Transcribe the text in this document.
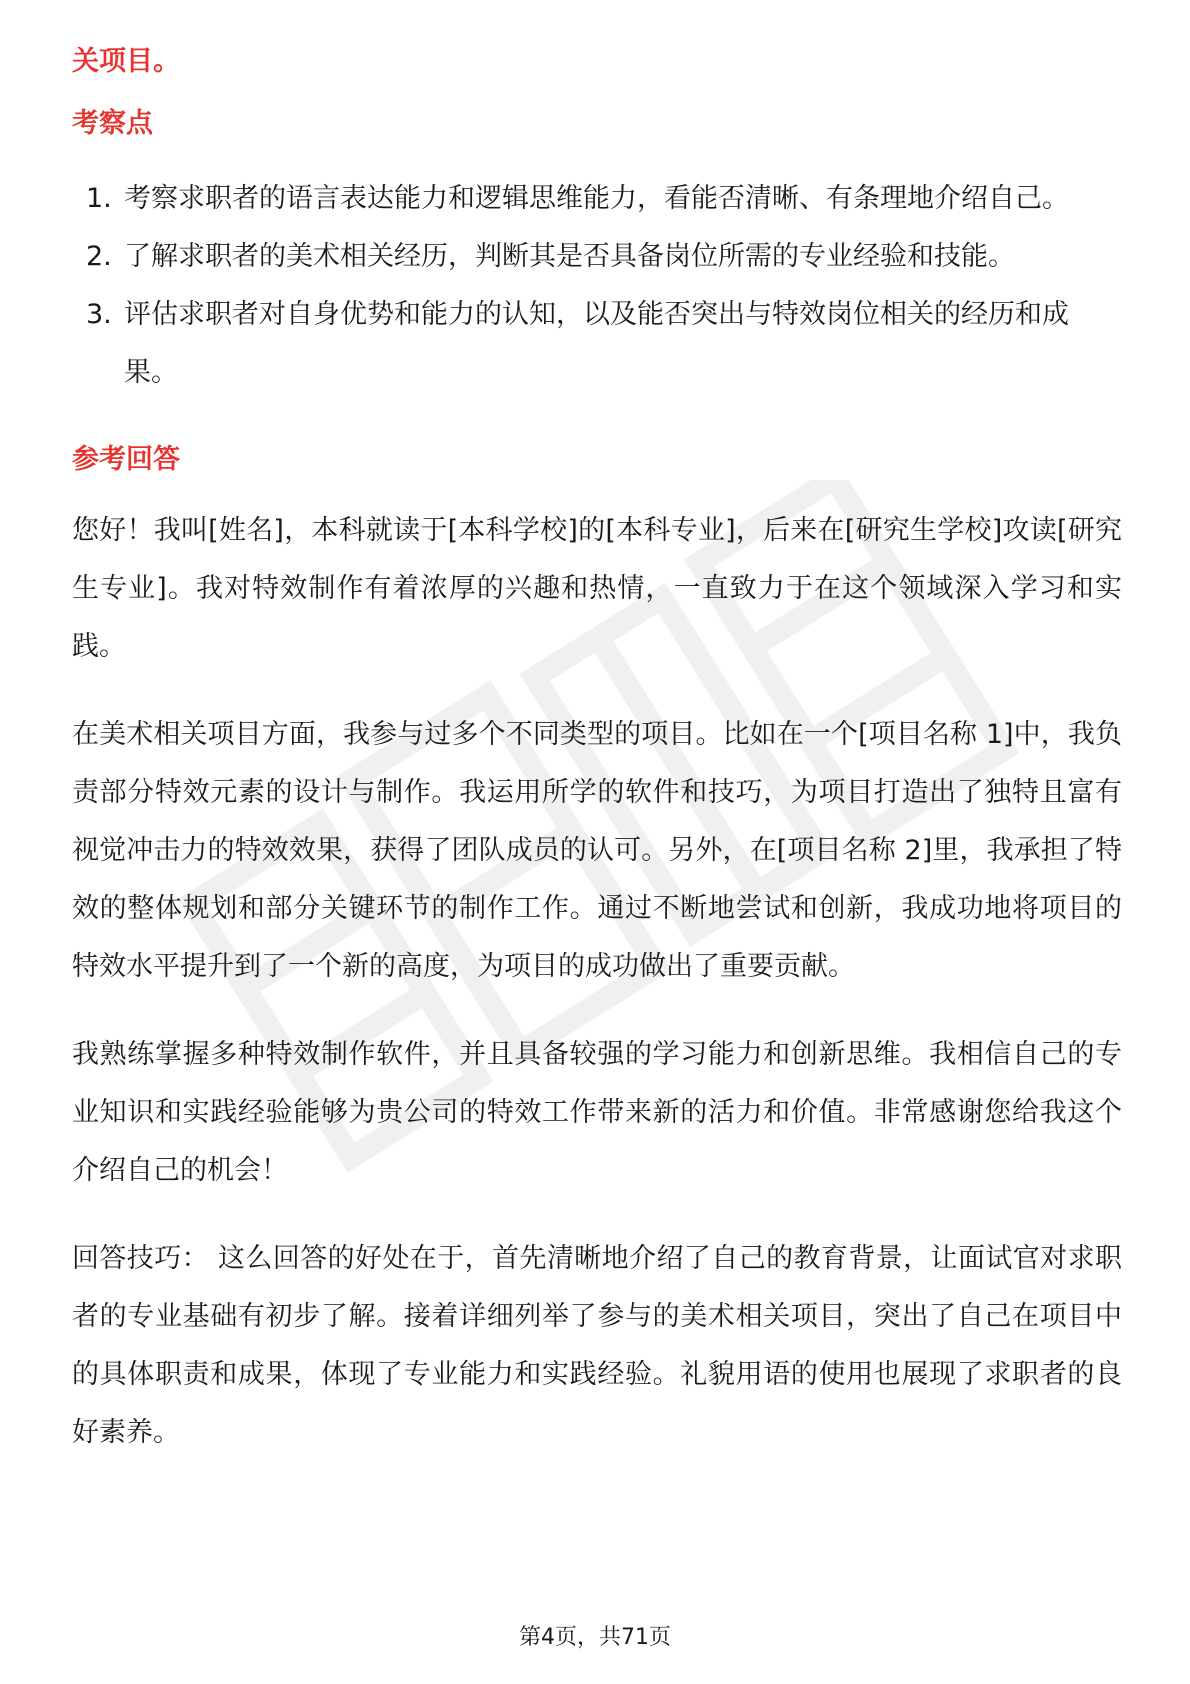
关项目。

考察点

1. 考察求职者的语言表达能力和逻辑思维能力，看能否清晰、有条理地介绍自己。
2. 了解求职者的美术相关经历，判断其是否具备岗位所需的专业经验和技能。
3. 评估求职者对自身优势和能力的认知，以及能否突出与特效岗位相关的经历和成果。

参考回答

您好！我叫[姓名]，本科就读于[本科学校]的[本科专业]，后来在[研究生学校]攻读[研究生专业]。我对特效制作有着浓厚的兴趣和热情，一直致力于在这个领域深入学习和实践。

在美术相关项目方面，我参与过多个不同类型的项目。比如在一个[项目名称 1]中，我负责部分特效元素的设计与制作。我运用所学的软件和技巧，为项目打造出了独特且富有视觉冲击力的特效效果，获得了团队成员的认可。另外，在[项目名称 2]里，我承担了特效的整体规划和部分关键环节的制作工作。通过不断地尝试和创新，我成功地将项目的特效水平提升到了一个新的高度，为项目的成功做出了重要贡献。

我熟练掌握多种特效制作软件，并且具备较强的学习能力和创新思维。我相信自己的专业知识和实践经验能够为贵公司的特效工作带来新的活力和价值。非常感谢您给我这个介绍自己的机会！

回答技巧： 这么回答的好处在于，首先清晰地介绍了自己的教育背景，让面试官对求职者的专业基础有初步了解。接着详细列举了参与的美术相关项目，突出了自己在项目中的具体职责和成果，体现了专业能力和实践经验。礼貌用语的使用也展现了求职者的良好素养。

第4页，共71页
